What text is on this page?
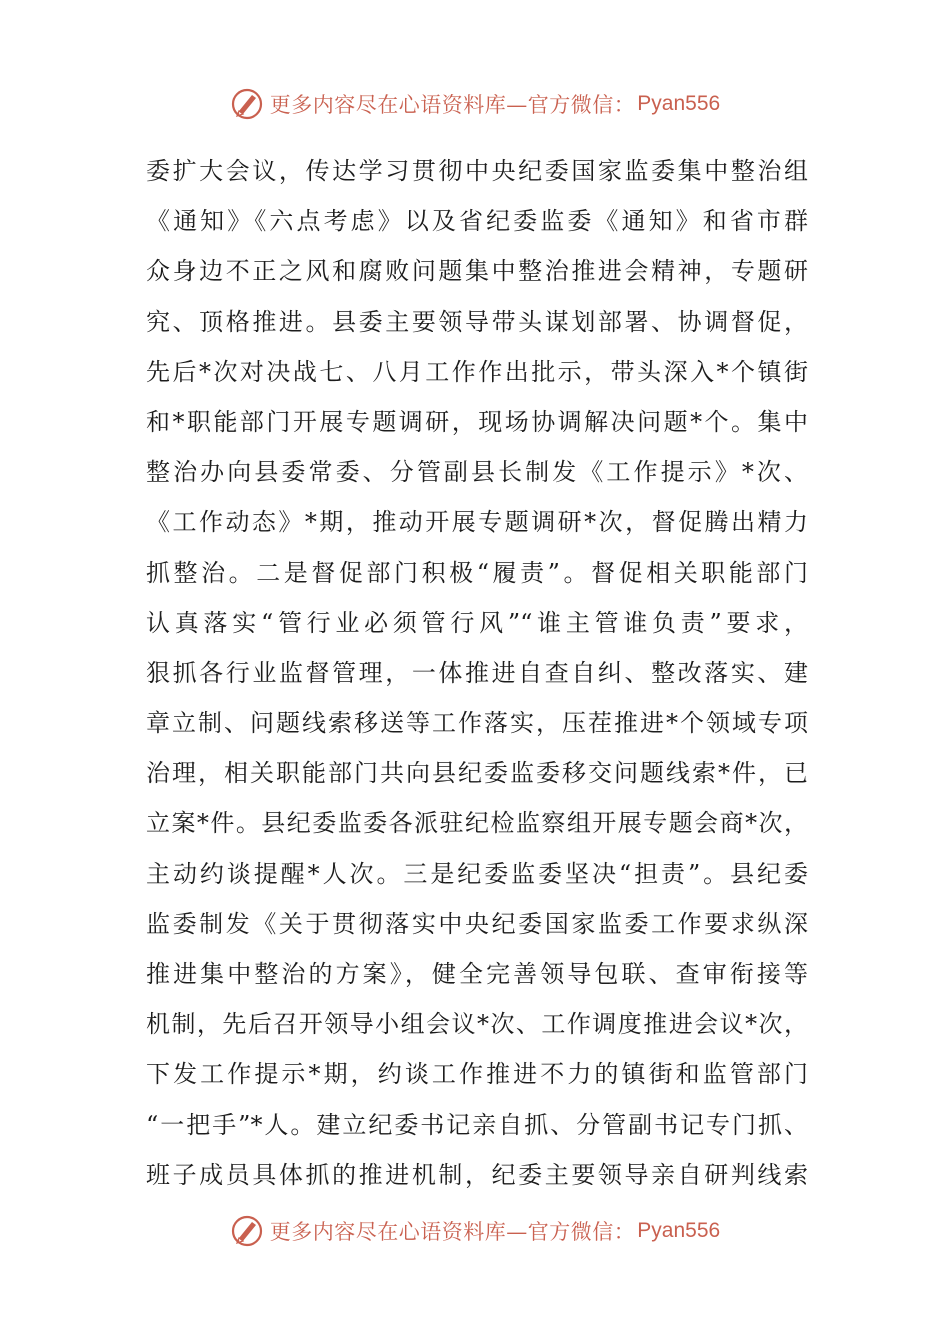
更多内容尽在心语资料库—官方微信： Pyan556
委扩大会议，传达学习贯彻中央纪委国家监委集中整治组
《通知》《六点考虑》以及省纪委监委《通知》和省市群
众身边不正之风和腐败问题集中整治推进会精神，专题研
究、顶格推进。县委主要领导带头谋划部署、协调督促，
先后*次对决战七、八月工作作出批示，带头深入*个镇街
和*职能部门开展专题调研，现场协调解决问题*个。集中
整治办向县委常委、分管副县长制发《工作提示》*次、
《工作动态》*期，推动开展专题调研*次，督促腾出精力
抓整治。二是督促部门积极“履责”。督促相关职能部门
认真落实“管行业必须管行风”“谁主管谁负责”要求，
狠抓各行业监督管理，一体推进自查自纠、整改落实、建
章立制、问题线索移送等工作落实，压茬推进*个领域专项
治理，相关职能部门共向县纪委监委移交问题线索*件，已
立案*件。县纪委监委各派驻纪检监察组开展专题会商*次，
主动约谈提醒*人次。三是纪委监委坚决“担责”。县纪委
监委制发《关于贯彻落实中央纪委国家监委工作要求纵深
推进集中整治的方案》，健全完善领导包联、查审衔接等
机制，先后召开领导小组会议*次、工作调度推进会议*次，
下发工作提示*期，约谈工作推进不力的镇街和监管部门
“一把手”*人。建立纪委书记亲自抓、分管副书记专门抓、
班子成员具体抓的推进机制，纪委主要领导亲自研判线索
更多内容尽在心语资料库—官方微信： Pyan556
